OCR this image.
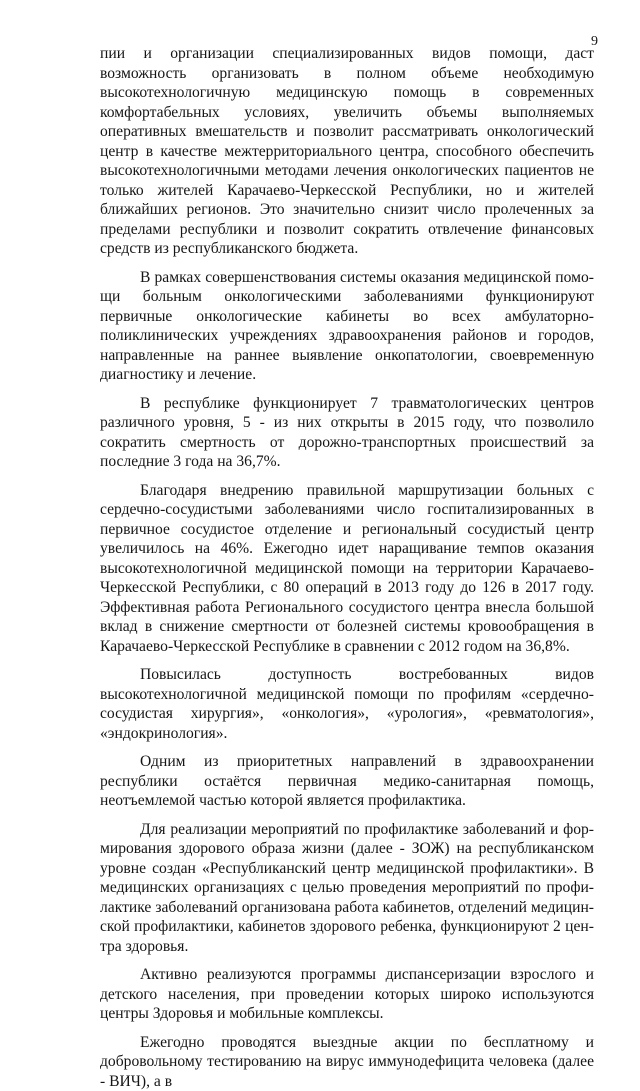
9

пии и организации специализированных видов помощи, даст возможность организовать в полном объеме необходимую высокотехнологичную медицинскую помощь в современных комфортабельных условиях, увеличить объемы выполняемых оперативных вмешательств и позволит рассматривать онкологический центр в качестве межтерриториального центра, способного обеспечить высокотехнологичными методами лечения онкологических пациентов не только жителей Карачаево-Черкесской Республики, но и жителей ближайших регионов. Это значительно снизит число пролеченных за пределами республики и позволит сократить отвлечение финансовых средств из республиканского бюджета.

В рамках совершенствования системы оказания медицинской помощи больным онкологическими заболеваниями функционируют первичные онкологические кабинеты во всех амбулаторно-поликлинических учреждениях здравоохранения районов и городов, направленные на раннее выявление онкопатологии, своевременную диагностику и лечение.

В республике функционирует 7 травматологических центров различного уровня, 5 - из них открыты в 2015 году, что позволило сократить смертность от дорожно-транспортных происшествий за последние 3 года на 36,7%.

Благодаря внедрению правильной маршрутизации больных с сердечно-сосудистыми заболеваниями число госпитализированных в первичное сосудистое отделение и региональный сосудистый центр увеличилось на 46%. Ежегодно идет наращивание темпов оказания высокотехнологичной медицинской помощи на территории Карачаево-Черкесской Республики, с 80 операций в 2013 году до 126 в 2017 году. Эффективная работа Регионального сосудистого центра внесла большой вклад в снижение смертности от болезней системы кровообращения в Карачаево-Черкесской Республике в сравнении с 2012 годом на 36,8%.

Повысилась доступность востребованных видов высокотехнологичной медицинской помощи по профилям «сердечно-сосудистая хирургия», «онкология», «урология», «ревматология», «эндокринология».

Одним из приоритетных направлений в здравоохранении республики остаётся первичная медико-санитарная помощь, неотъемлемой частью которой является профилактика.

Для реализации мероприятий по профилактике заболеваний и формирования здорового образа жизни (далее - ЗОЖ) на республиканском уровне создан «Республиканский центр медицинской профилактики». В медицинских организациях с целью проведения мероприятий по профилактике заболеваний организована работа кабинетов, отделений медицинской профилактики, кабинетов здорового ребенка, функционируют 2 центра здоровья.

Активно реализуются программы диспансеризации взрослого и детского населения, при проведении которых широко используются центры Здоровья и мобильные комплексы.

Ежегодно проводятся выездные акции по бесплатному и добровольному тестированию на вирус иммунодефицита человека (далее - ВИЧ), а в
